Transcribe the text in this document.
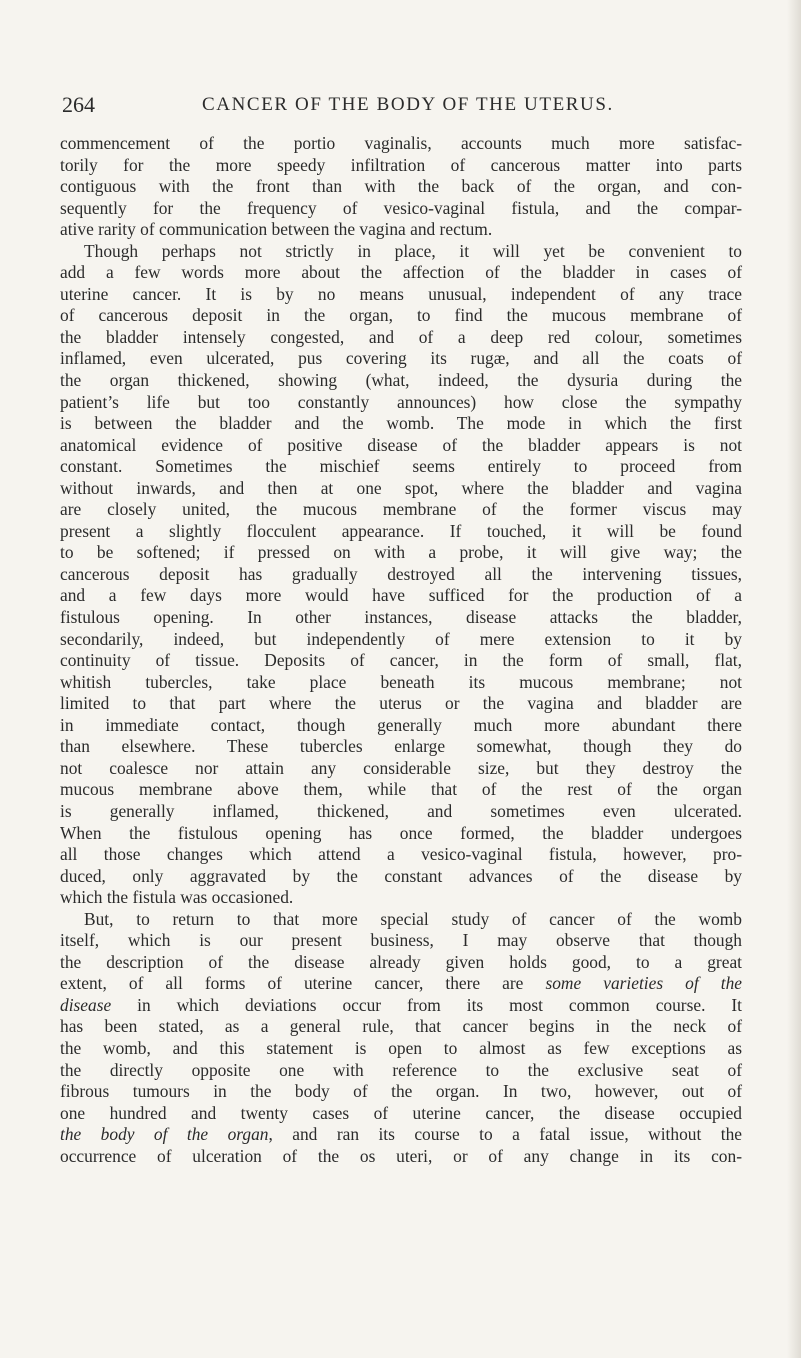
264	CANCER OF THE BODY OF THE UTERUS.
commencement of the portio vaginalis, accounts much more satisfac-
torily for the more speedy infiltration of cancerous matter into parts
contiguous with the front than with the back of the organ, and con-
sequently for the frequency of vesico-vaginal fistula, and the compar-
ative rarity of communication between the vagina and rectum.
Though perhaps not strictly in place, it will yet be convenient to
add a few words more about the affection of the bladder in cases of
uterine cancer. It is by no means unusual, independent of any trace
of cancerous deposit in the organ, to find the mucous membrane of
the bladder intensely congested, and of a deep red colour, sometimes
inflamed, even ulcerated, pus covering its rugæ, and all the coats of
the organ thickened, showing (what, indeed, the dysuria during the
patient’s life but too constantly announces) how close the sympathy
is between the bladder and the womb. The mode in which the first
anatomical evidence of positive disease of the bladder appears is not
constant. Sometimes the mischief seems entirely to proceed from
without inwards, and then at one spot, where the bladder and vagina
are closely united, the mucous membrane of the former viscus may
present a slightly flocculent appearance. If touched, it will be found
to be softened; if pressed on with a probe, it will give way; the
cancerous deposit has gradually destroyed all the intervening tissues,
and a few days more would have sufficed for the production of a
fistulous opening. In other instances, disease attacks the bladder,
secondarily, indeed, but independently of mere extension to it by
continuity of tissue. Deposits of cancer, in the form of small, flat,
whitish tubercles, take place beneath its mucous membrane; not
limited to that part where the uterus or the vagina and bladder are
in immediate contact, though generally much more abundant there
than elsewhere. These tubercles enlarge somewhat, though they do
not coalesce nor attain any considerable size, but they destroy the
mucous membrane above them, while that of the rest of the organ
is generally inflamed, thickened, and sometimes even ulcerated.
When the fistulous opening has once formed, the bladder undergoes
all those changes which attend a vesico-vaginal fistula, however, pro-
duced, only aggravated by the constant advances of the disease by
which the fistula was occasioned.
But, to return to that more special study of cancer of the womb
itself, which is our present business, I may observe that though
the description of the disease already given holds good, to a great
extent, of all forms of uterine cancer, there are some varieties of the
disease in which deviations occur from its most common course. It
has been stated, as a general rule, that cancer begins in the neck of
the womb, and this statement is open to almost as few exceptions as
the directly opposite one with reference to the exclusive seat of
fibrous tumours in the body of the organ. In two, however, out of
one hundred and twenty cases of uterine cancer, the disease occupied
the body of the organ, and ran its course to a fatal issue, without the
occurrence of ulceration of the os uteri, or of any change in its con-
